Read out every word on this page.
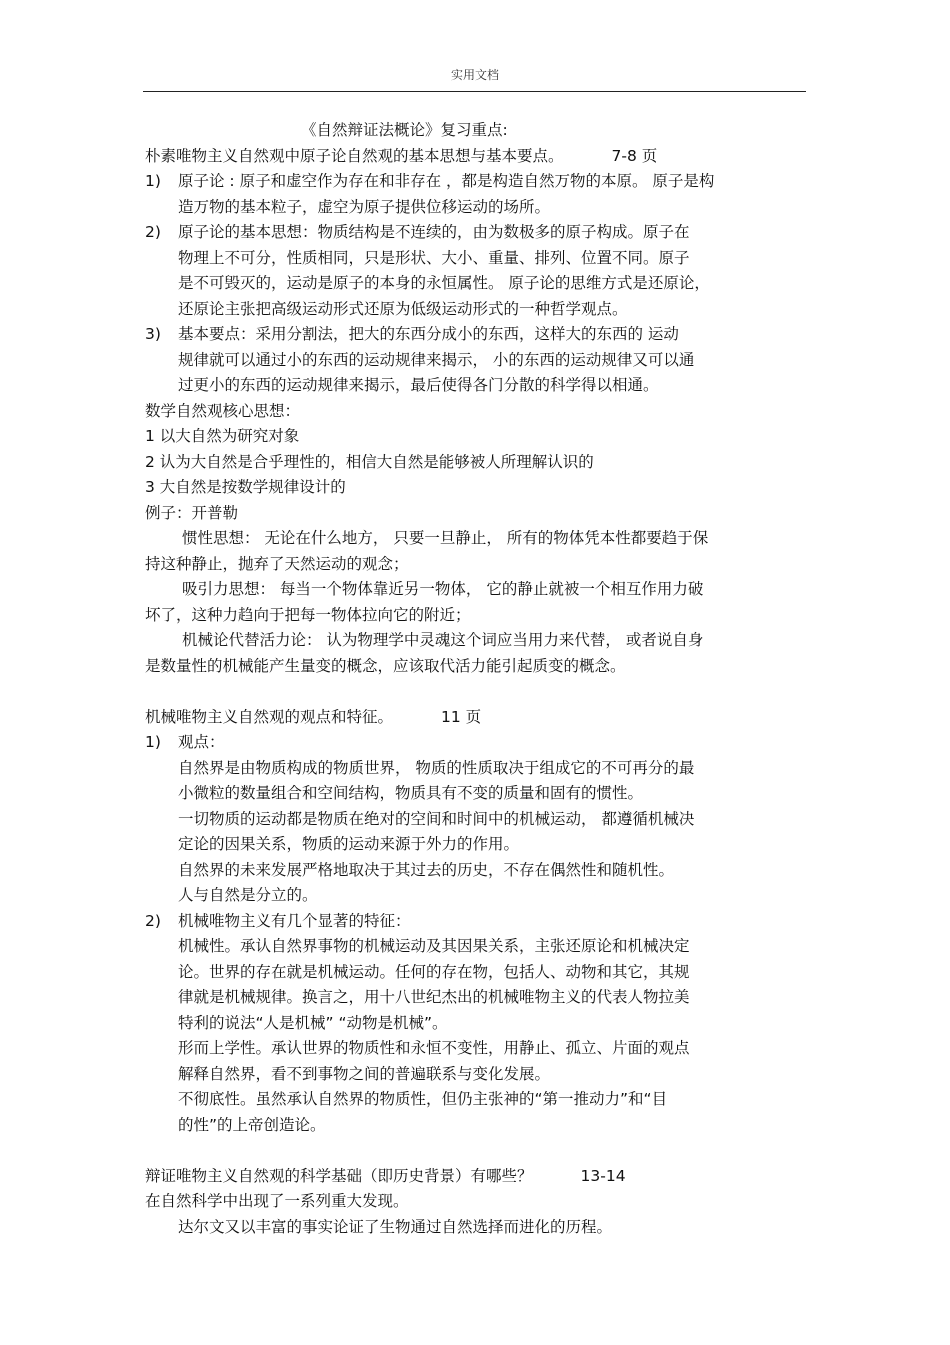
实用文档
《自然辩证法概论》复习重点:
朴素唯物主义自然观中原子论自然观的基本思想与基本要点。	7-8 页
1) 原子论 : 原子和虚空作为存在和非存在 ，都是构造自然万物的本原。 原子是构
造万物的基本粒子，虚空为原子提供位移运动的场所。
2) 原子论的基本思想：物质结构是不连续的，由为数极多的原子构成。原子在
物理上不可分，性质相同，只是形状、大小、重量、排列、位置不同。原子
是不可毁灭的，运动是原子的本身的永恒属性。 原子论的思维方式是还原论，
还原论主张把高级运动形式还原为低级运动形式的一种哲学观点。
3) 基本要点：采用分割法，把大的东西分成小的东西，这样大的东西的 运动
规律就可以通过小的东西的运动规律来揭示， 小的东西的运动规律又可以通
过更小的东西的运动规律来揭示，最后使得各门分散的科学得以相通。
数学自然观核心思想：
1 以大自然为研究对象
2 认为大自然是合乎理性的，相信大自然是能够被人所理解认识的
3 大自然是按数学规律设计的
例子：开普勒
惯性思想： 无论在什么地方， 只要一旦静止， 所有的物体凭本性都要趋于保
持这种静止，抛弃了天然运动的观念；
吸引力思想： 每当一个物体靠近另一物体， 它的静止就被一个相互作用力破
坏了，这种力趋向于把每一物体拉向它的附近；
机械论代替活力论： 认为物理学中灵魂这个词应当用力来代替， 或者说自身
是数量性的机械能产生量变的概念，应该取代活力能引起质变的概念。
机械唯物主义自然观的观点和特征。	11 页
1) 观点：
自然界是由物质构成的物质世界， 物质的性质取决于组成它的不可再分的最
小微粒的数量组合和空间结构，物质具有不变的质量和固有的惯性。
一切物质的运动都是物质在绝对的空间和时间中的机械运动， 都遵循机械决
定论的因果关系，物质的运动来源于外力的作用。
自然界的未来发展严格地取决于其过去的历史，不存在偶然性和随机性。
人与自然是分立的。
2) 机械唯物主义有几个显著的特征：
机械性。承认自然界事物的机械运动及其因果关系，主张还原论和机械决定
论。世界的存在就是机械运动。任何的存在物，包括人、动物和其它，其规
律就是机械规律。换言之，用十八世纪杰出的机械唯物主义的代表人物拉美
特利的说法“人是机械” “动物是机械”。
形而上学性。承认世界的物质性和永恒不变性，用静止、孤立、片面的观点
解释自然界，看不到事物之间的普遍联系与变化发展。
不彻底性。虽然承认自然界的物质性，但仍主张神的“第一推动力”和“目
的性”的上帝创造论。
辩证唯物主义自然观的科学基础（即历史背景）有哪些？	13-14
在自然科学中出现了一系列重大发现。
达尔文又以丰富的事实论证了生物通过自然选择而进化的历程。
